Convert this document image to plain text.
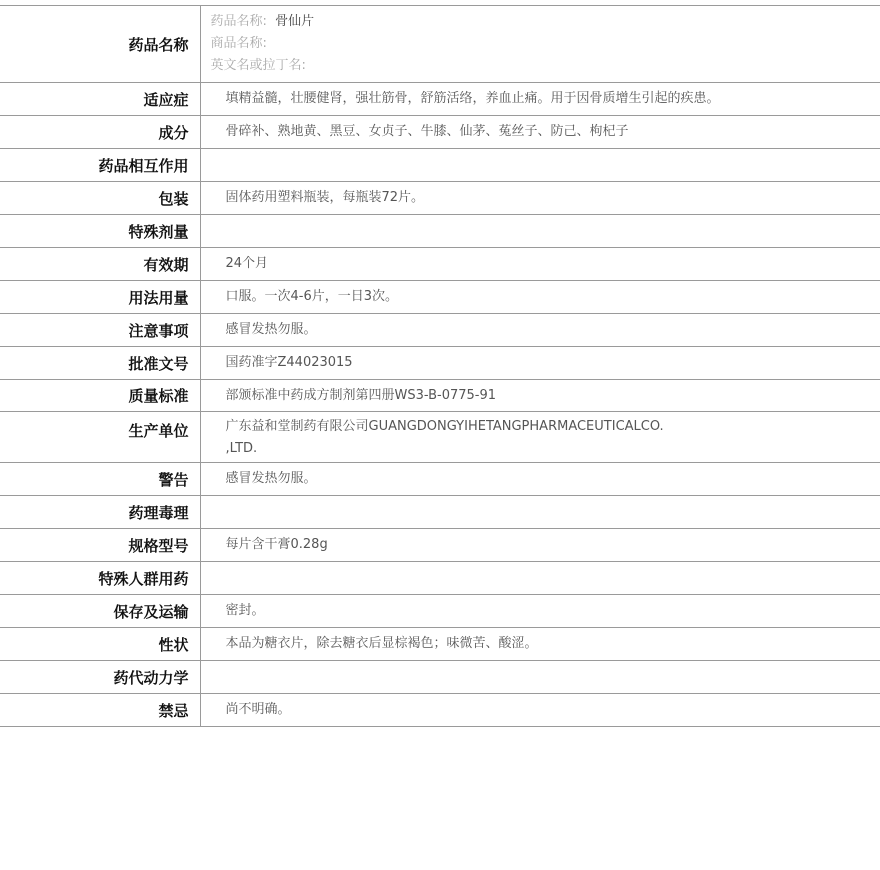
药品名称	药品名称: 骨仙片
商品名称:
英文名或拉丁名:

适应症	填精益髓，壮腰健肾，强壮筋骨，舒筋活络，养血止痛。用于因骨质增生引起的疾患。
成分	骨碎补、熟地黄、黑豆、女贞子、牛膝、仙茅、菟丝子、防己、枸杞子
药品相互作用	
包装	固体药用塑料瓶装，每瓶装72片。
特殊剂量	
有效期	24个月
用法用量	口服。一次4-6片，一日3次。
注意事项	感冒发热勿服。
批准文号	国药准字Z44023015
质量标准	部颁标准中药成方制剂第四册WS3-B-0775-91
生产单位	广东益和堂制药有限公司GUANGDONGYIHETANGPHARMACEUTICALCO.
,LTD.

警告	感冒发热勿服。
药理毒理	
规格型号	每片含干膏0.28g
特殊人群用药	
保存及运输	密封。
性状	本品为糖衣片，除去糖衣后显棕褐色；味微苦、酸涩。
药代动力学	
禁忌	尚不明确。
